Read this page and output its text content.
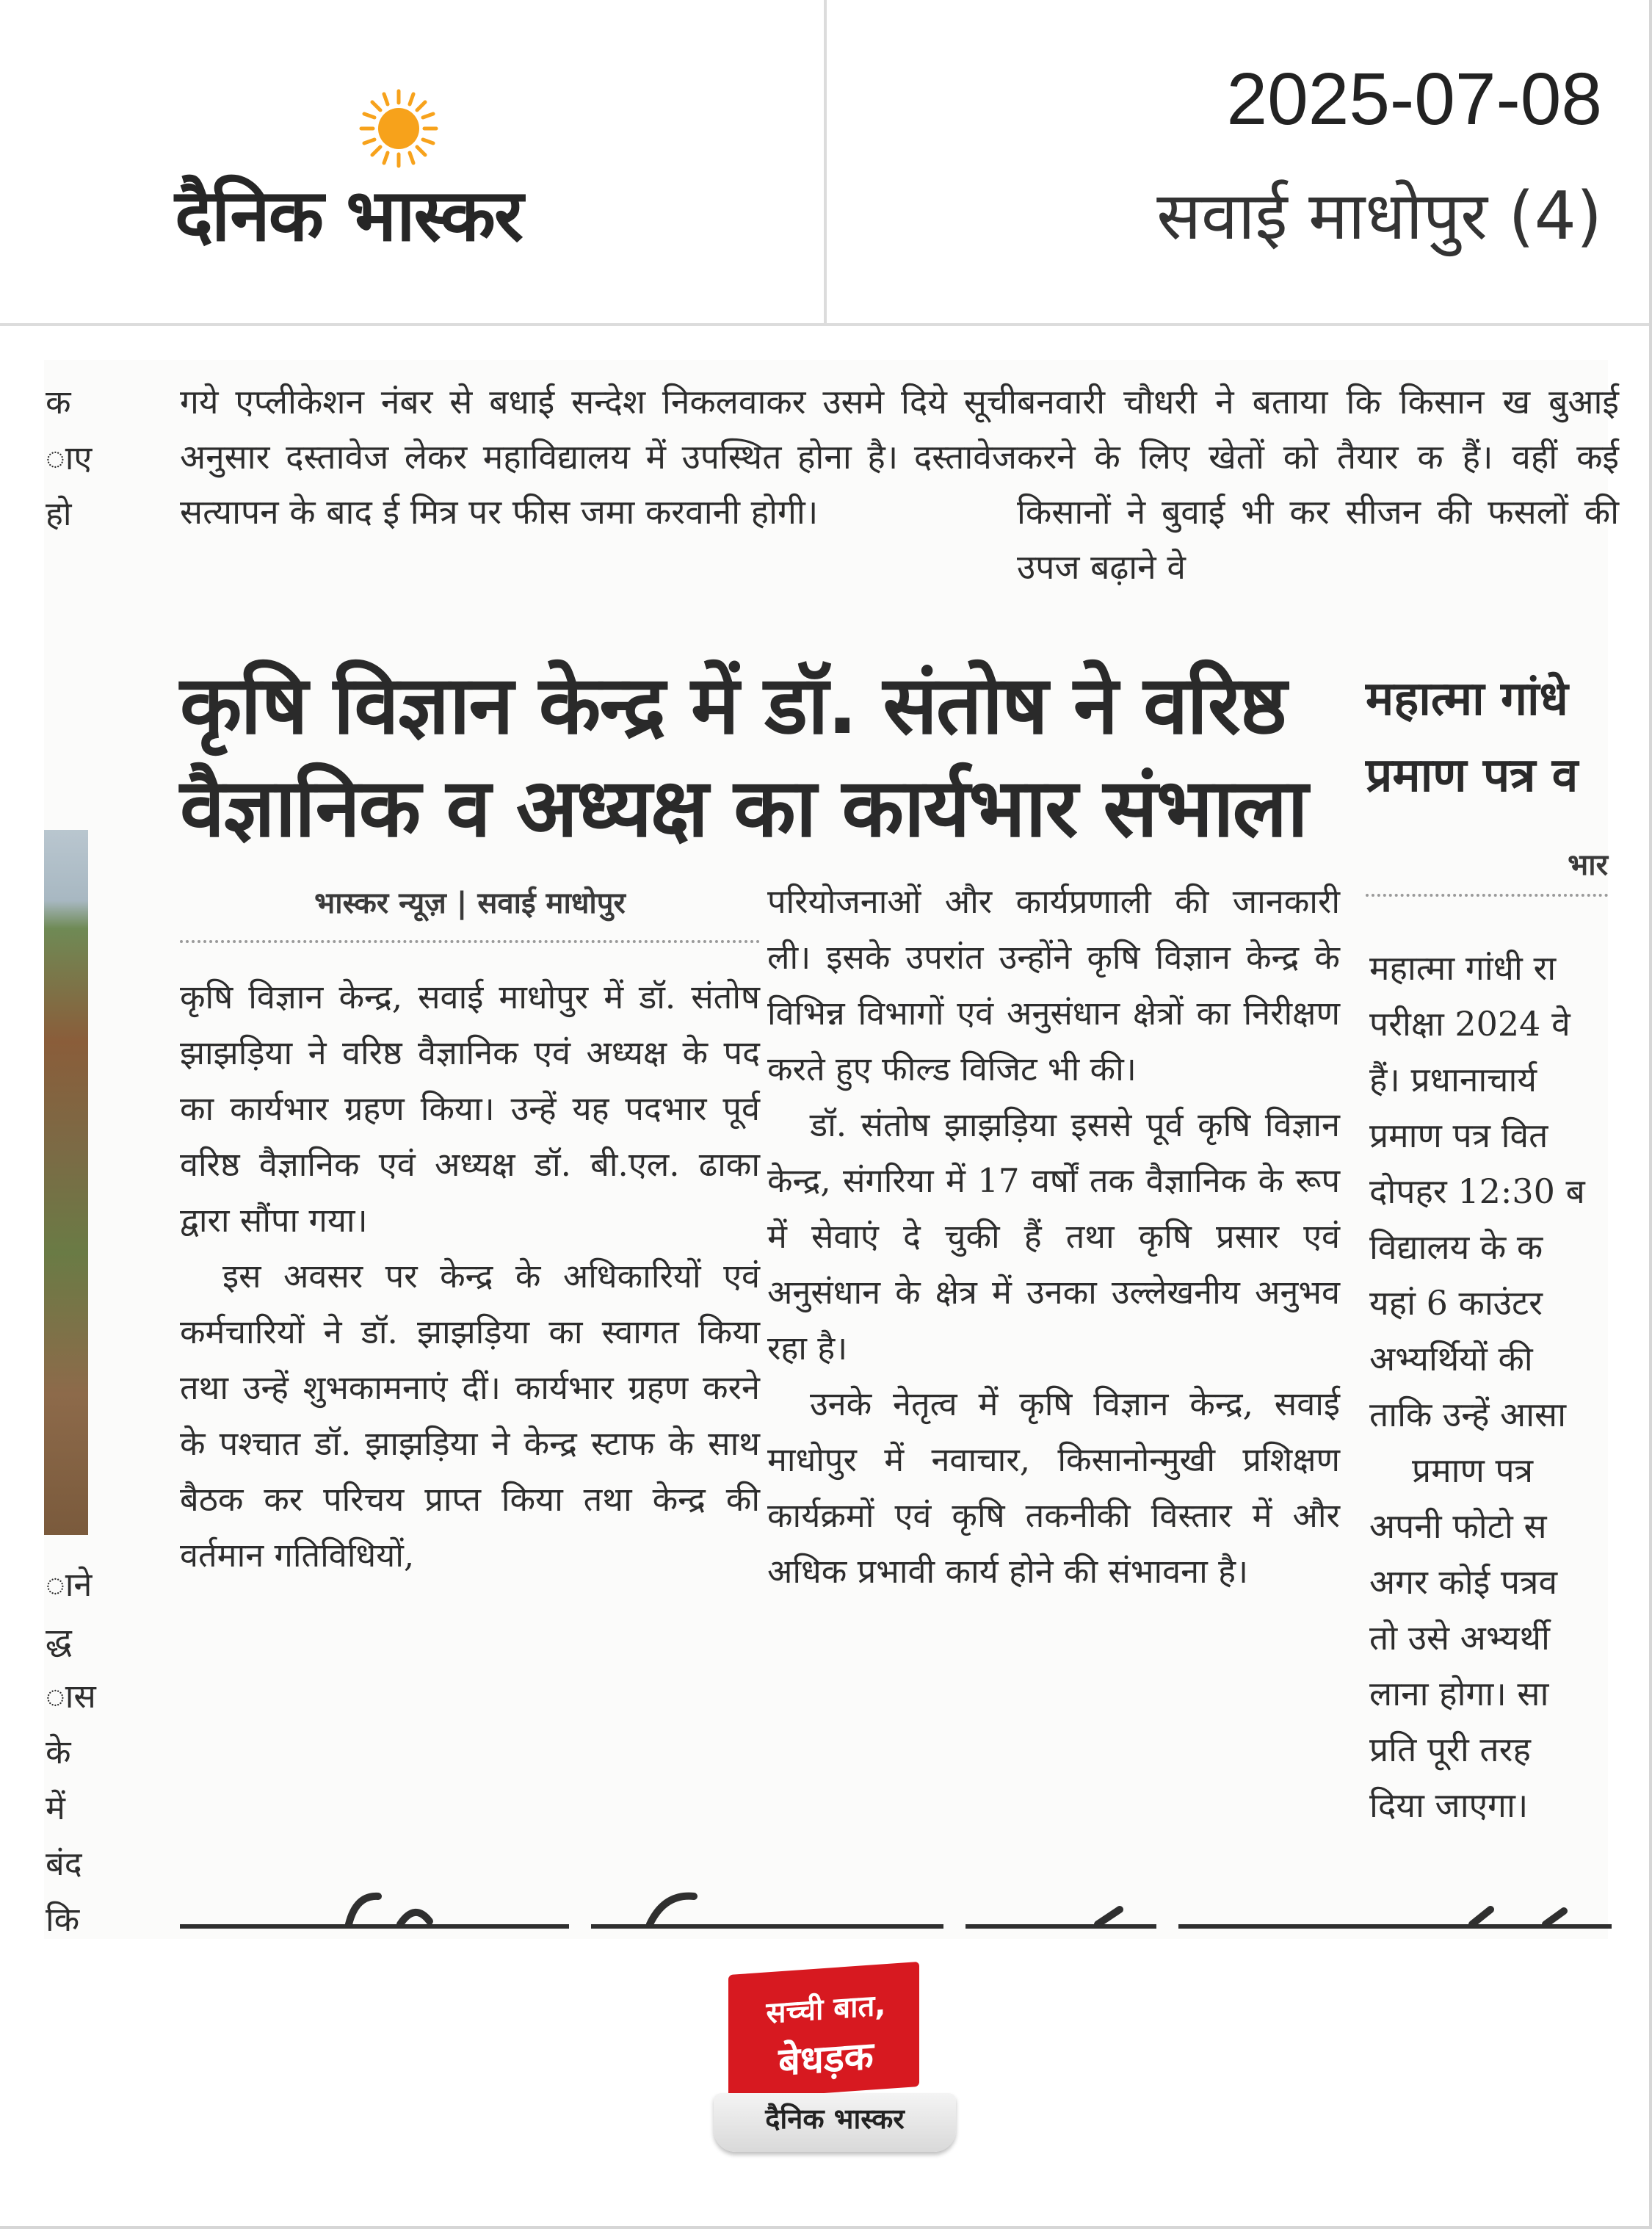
दैनिक भास्कर
2025-07-08
सवाई माधोपुर (4)
क
ाए
हो

गये एप्लीकेशन नंबर से बधाई सन्देश निकलवाकर उसमे दिये सूची अनुसार दस्तावेज लेकर महाविद्यालय में उपस्थित होना है। दस्तावेज सत्यापन के बाद ई मित्र पर फीस जमा करवानी होगी।

बनवारी चौधरी ने बताया कि किसान ख बुआई करने के लिए खेतों को तैयार क हैं। वहीं कई किसानों ने बुवाई भी कर सीजन की फसलों की उपज बढ़ाने वे

कृषि विज्ञान केन्द्र में डॉ. संतोष ने वरिष्ठ वैज्ञानिक व अध्यक्ष का कार्यभार संभाला
भास्कर न्यूज़ | सवाई माधोपुर

कृषि विज्ञान केन्द्र, सवाई माधोपुर में डॉ. संतोष झाझड़िया ने वरिष्ठ वैज्ञानिक एवं अध्यक्ष के पद का कार्यभार ग्रहण किया। उन्हें यह पदभार पूर्व वरिष्ठ वैज्ञानिक एवं अध्यक्ष डॉ. बी.एल. ढाका द्वारा सौंपा गया।

इस अवसर पर केन्द्र के अधिकारियों एवं कर्मचारियों ने डॉ. झाझड़िया का स्वागत किया तथा उन्हें शुभकामनाएं दीं। कार्यभार ग्रहण करने के पश्चात डॉ. झाझड़िया ने केन्द्र स्टाफ के साथ बैठक कर परिचय प्राप्त किया तथा केन्द्र की वर्तमान गतिविधियों,

परियोजनाओं और कार्यप्रणाली की जानकारी ली। इसके उपरांत उन्होंने कृषि विज्ञान केन्द्र के विभिन्न विभागों एवं अनुसंधान क्षेत्रों का निरीक्षण करते हुए फील्ड विजिट भी की।

डॉ. संतोष झाझड़िया इससे पूर्व कृषि विज्ञान केन्द्र, संगरिया में 17 वर्षों तक वैज्ञानिक के रूप में सेवाएं दे चुकी हैं तथा कृषि प्रसार एवं अनुसंधान के क्षेत्र में उनका उल्लेखनीय अनुभव रहा है।

उनके नेतृत्व में कृषि विज्ञान केन्द्र, सवाई माधोपुर में नवाचार, किसानोन्मुखी प्रशिक्षण कार्यक्रमों एवं कृषि तकनीकी विस्तार में और अधिक प्रभावी कार्य होने की संभावना है।

महात्मा गांधे
प्रमाण पत्र व
भार
महात्मा गांधी रा
परीक्षा 2024 वे
हैं। प्रधानाचार्य
प्रमाण पत्र वित
दोपहर 12:30 ब
विद्यालय के क
यहां 6 काउंटर
अभ्यर्थियों की
ताकि उन्हें आसा
प्रमाण पत्र
अपनी फोटो स
अगर कोई पत्रव
तो उसे अभ्यर्थी
लाना होगा। सा
प्रति पूरी तरह
दिया जाएगा।
ाने
द्ध
ास
के
में
बंद
कि
सच्ची बात,
बेधड़क
दैनिक भास्कर
